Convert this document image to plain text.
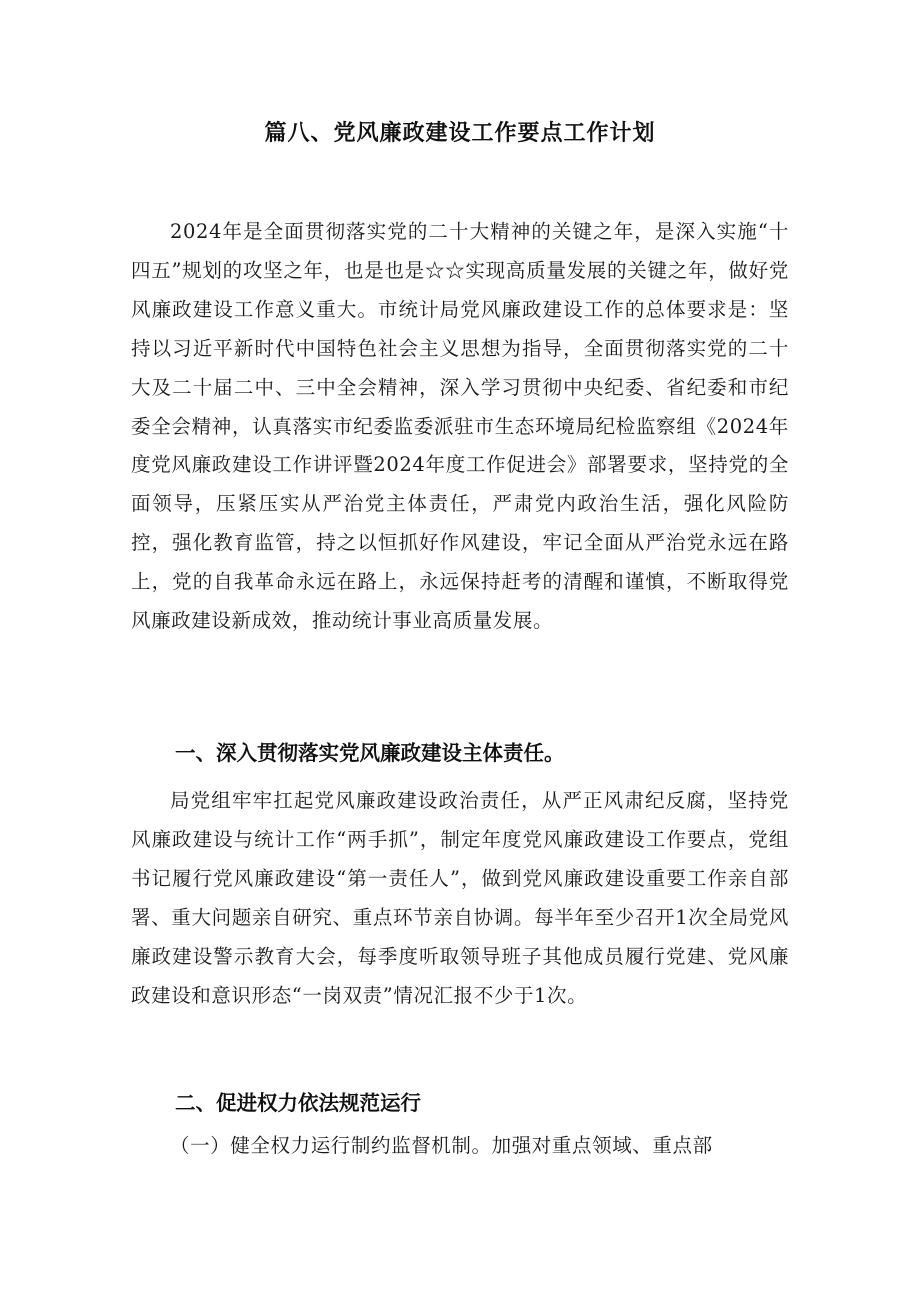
篇八、党风廉政建设工作要点工作计划

2024年是全面贯彻落实党的二十大精神的关键之年，是深入实施“十四五”规划的攻坚之年，也是也是☆☆实现高质量发展的关键之年，做好党风廉政建设工作意义重大。市统计局党风廉政建设工作的总体要求是：坚持以习近平新时代中国特色社会主义思想为指导，全面贯彻落实党的二十大及二十届二中、三中全会精神，深入学习贯彻中央纪委、省纪委和市纪委全会精神，认真落实市纪委监委派驻市生态环境局纪检监察组《2024年度党风廉政建设工作讲评暨2024年度工作促进会》部署要求，坚持党的全面领导，压紧压实从严治党主体责任，严肃党内政治生活，强化风险防控，强化教育监管，持之以恒抓好作风建设，牢记全面从严治党永远在路上，党的自我革命永远在路上，永远保持赶考的清醒和谨慎，不断取得党风廉政建设新成效，推动统计事业高质量发展。

一、深入贯彻落实党风廉政建设主体责任。

局党组牢牢扛起党风廉政建设政治责任，从严正风肃纪反腐，坚持党风廉政建设与统计工作“两手抓”，制定年度党风廉政建设工作要点，党组书记履行党风廉政建设“第一责任人”，做到党风廉政建设重要工作亲自部署、重大问题亲自研究、重点环节亲自协调。每半年至少召开1次全局党风廉政建设警示教育大会，每季度听取领导班子其他成员履行党建、党风廉政建设和意识形态“一岗双责”情况汇报不少于1次。

二、促进权力依法规范运行

（一）健全权力运行制约监督机制。加强对重点领域、重点部
